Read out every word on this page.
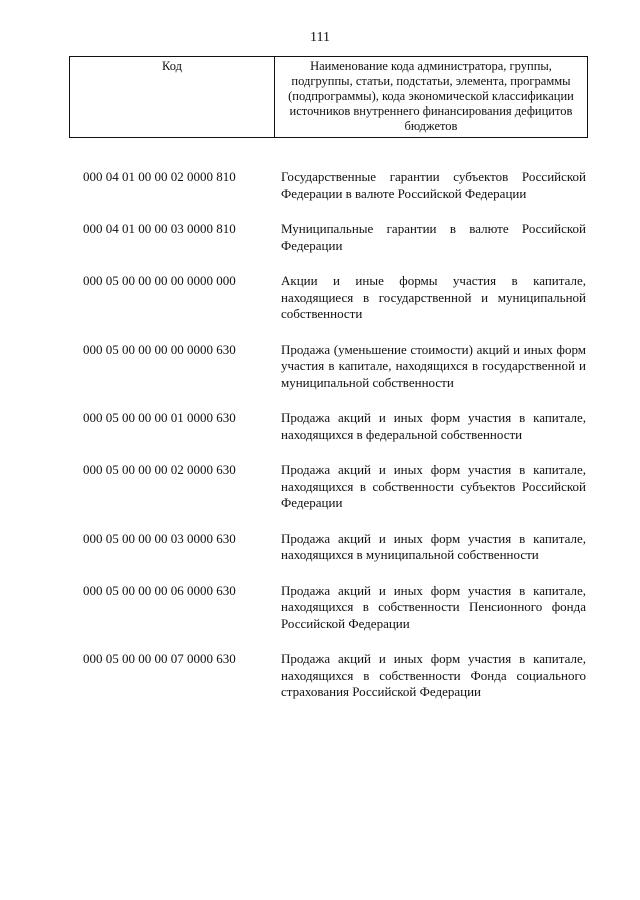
111
Код	Наименование кода администратора, группы, подгруппы, статьи, подстатьи, элемента, программы (подпрограммы), кода экономической классификации источников внутреннего финансирования дефицитов бюджетов
000 04 01 00 00 02 0000 810	Государственные гарантии субъектов Российской Федерации в валюте Российской Федерации
000 04 01 00 00 03 0000 810	Муниципальные гарантии в валюте Российской Федерации
000 05 00 00 00 00 0000 000	Акции и иные формы участия в капитале, находящиеся в государственной и муниципальной собственности
000 05 00 00 00 00 0000 630	Продажа (уменьшение стоимости) акций и иных форм участия в капитале, находящихся в государственной и муниципальной собственности
000 05 00 00 00 01 0000 630	Продажа акций и иных форм участия в капитале, находящихся в федеральной собственности
000 05 00 00 00 02 0000 630	Продажа акций и иных форм участия в капитале, находящихся в собственности субъектов Российской Федерации
000 05 00 00 00 03 0000 630	Продажа акций и иных форм участия в капитале, находящихся в муниципальной собственности
000 05 00 00 00 06 0000 630	Продажа акций и иных форм участия в капитале, находящихся в собственности Пенсионного фонда Российской Федерации
000 05 00 00 00 07 0000 630	Продажа акций и иных форм участия в капитале, находящихся в собственности Фонда социального страхования Российской Федерации
